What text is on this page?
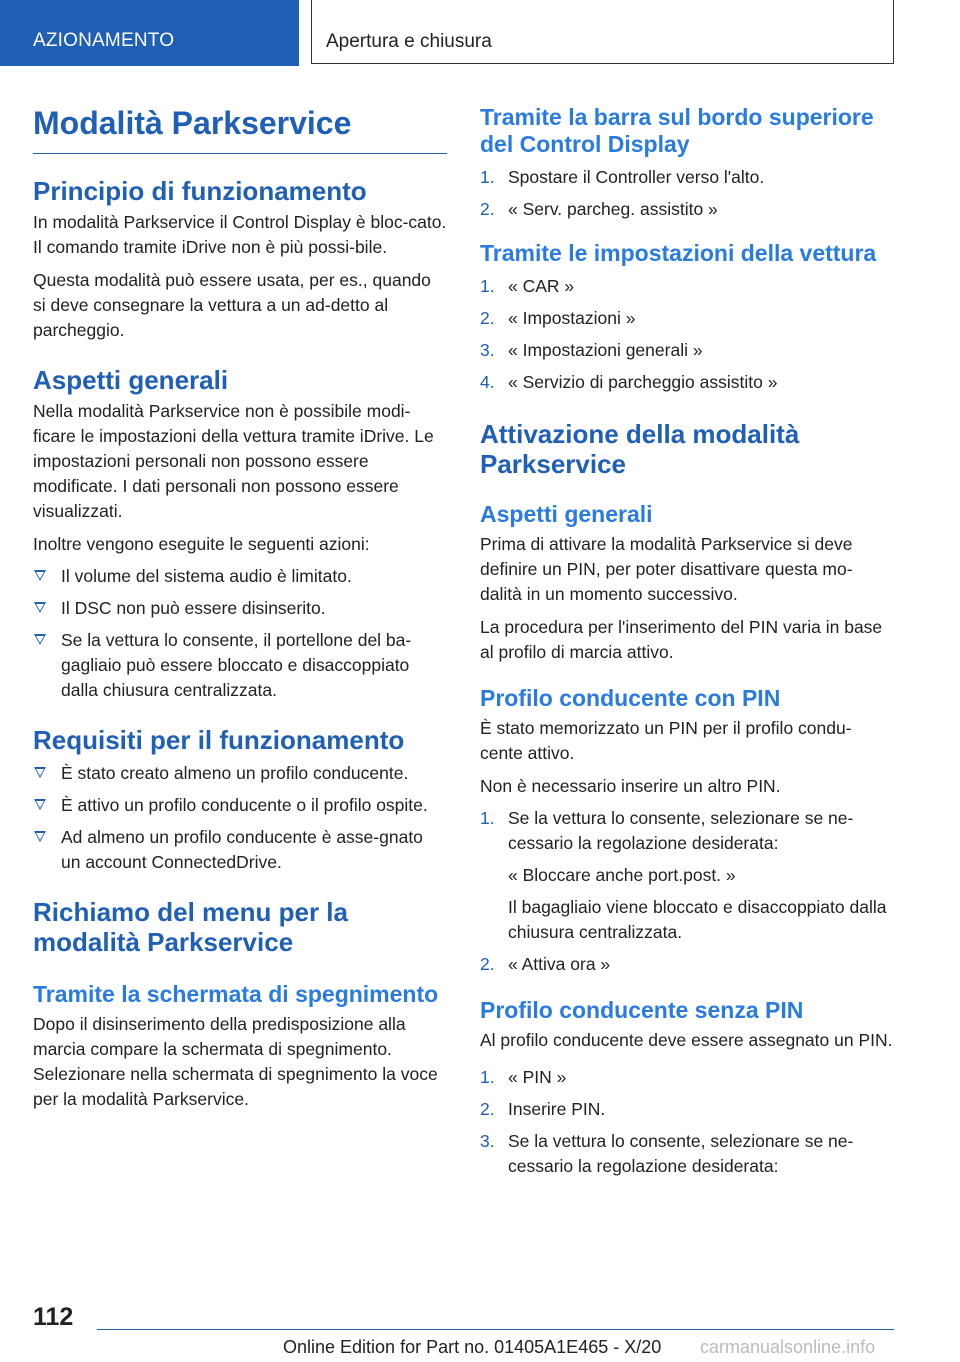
AZIONAMENTO	Apertura e chiusura
Modalità Parkservice
Principio di funzionamento

In modalità Parkservice il Control Display è bloc-cato. Il comando tramite iDrive non è più possi-bile.

Questa modalità può essere usata, per es., quando si deve consegnare la vettura a un ad-detto al parcheggio.

Aspetti generali

Nella modalità Parkservice non è possibile modi-ficare le impostazioni della vettura tramite iDrive. Le impostazioni personali non possono essere modificate. I dati personali non possono essere visualizzati.

Inoltre vengono eseguite le seguenti azioni:

Il volume del sistema audio è limitato.
Il DSC non può essere disinserito.
Se la vettura lo consente, il portellone del ba-gagliaio può essere bloccato e disaccoppiato dalla chiusura centralizzata.
Requisiti per il funzionamento
È stato creato almeno un profilo conducente.
È attivo un profilo conducente o il profilo ospite.
Ad almeno un profilo conducente è asse-gnato un account ConnectedDrive.
Richiamo del menu per la modalità Parkservice
Tramite la schermata di spegnimento

Dopo il disinserimento della predisposizione alla marcia compare la schermata di spegnimento. Selezionare nella schermata di spegnimento la voce per la modalità Parkservice.

Tramite la barra sul bordo superiore del Control Display
1. Spostare il Controller verso l'alto.
2. « Serv. parcheg. assistito »
Tramite le impostazioni della vettura
1. « CAR »
2. « Impostazioni »
3. « Impostazioni generali »
4. « Servizio di parcheggio assistito »
Attivazione della modalità Parkservice
Aspetti generali

Prima di attivare la modalità Parkservice si deve definire un PIN, per poter disattivare questa mo-dalità in un momento successivo.

La procedura per l'inserimento del PIN varia in base al profilo di marcia attivo.

Profilo conducente con PIN

È stato memorizzato un PIN per il profilo condu-cente attivo.

Non è necessario inserire un altro PIN.

1. Se la vettura lo consente, selezionare se ne-cessario la regolazione desiderata:

« Bloccare anche port.post. »

Il bagagliaio viene bloccato e disaccoppiato dalla chiusura centralizzata.

2. « Attiva ora »
Profilo conducente senza PIN

Al profilo conducente deve essere assegnato un PIN.

1. « PIN »
2. Inserire PIN.
3. Se la vettura lo consente, selezionare se ne-cessario la regolazione desiderata:
112
Online Edition for Part no. 01405A1E465 - X/20 carmanualsonline.info
